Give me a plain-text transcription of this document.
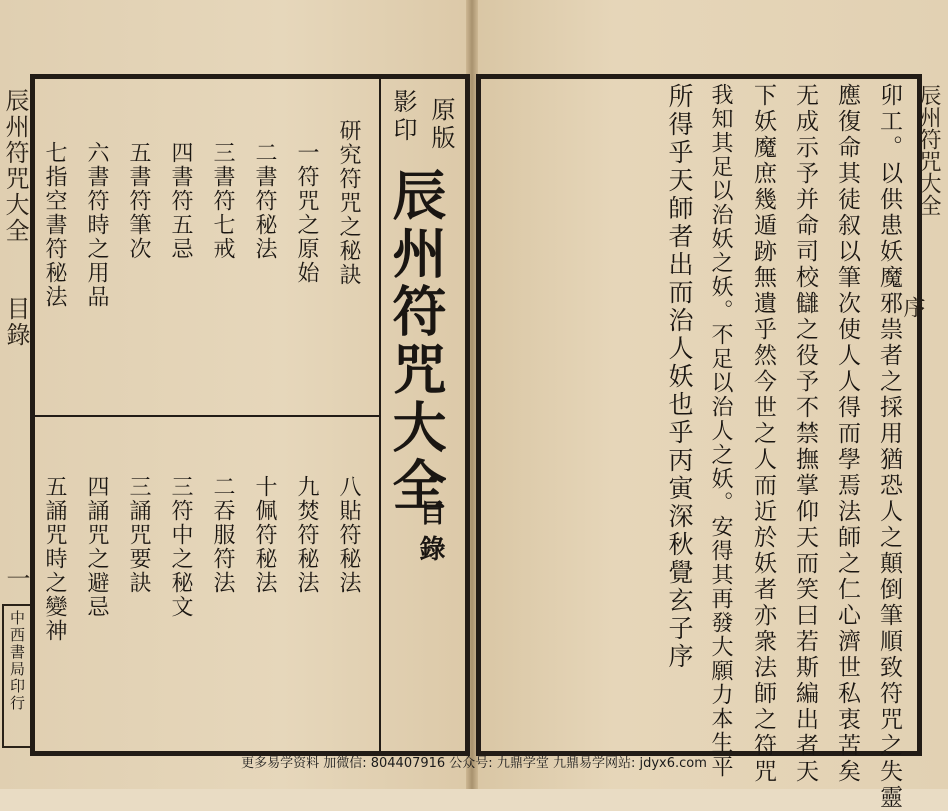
辰州符咒大全
目錄
一
中西書局印行
原版
影印
辰州符咒大全
目錄
研究符咒之秘訣
一符咒之原始
二書符秘法
三書符七戒
四書符五忌
五書符筆次
六書符時之用品
七指空書符秘法
八貼符秘法
九焚符秘法
十佩符秘法
二吞服符法
三符中之秘文
三誦咒要訣
四誦咒之避忌
五誦咒時之變神	卯工。以供患妖魔邪祟者之採用猶恐人之顛倒筆順致符咒之失靈
應復命其徒叙以筆次使人人得而學焉法師之仁心濟世私衷苦矣
无成示予并命司校讎之役予不禁撫掌仰天而笑曰若斯編出者天
下妖魔庶幾遁跡無遺乎然今世之人而近於妖者亦衆法師之符咒
我知其足以治妖之妖。不足以治人之妖。安得其再發大願力本生平
所得乎天師者出而治人妖也乎丙寅深秋覺玄子序	辰州符咒大全
序
更多易学资料 加微信: 804407916 公众号: 九鼎学堂 九鼎易学网站: jdyx6.com
